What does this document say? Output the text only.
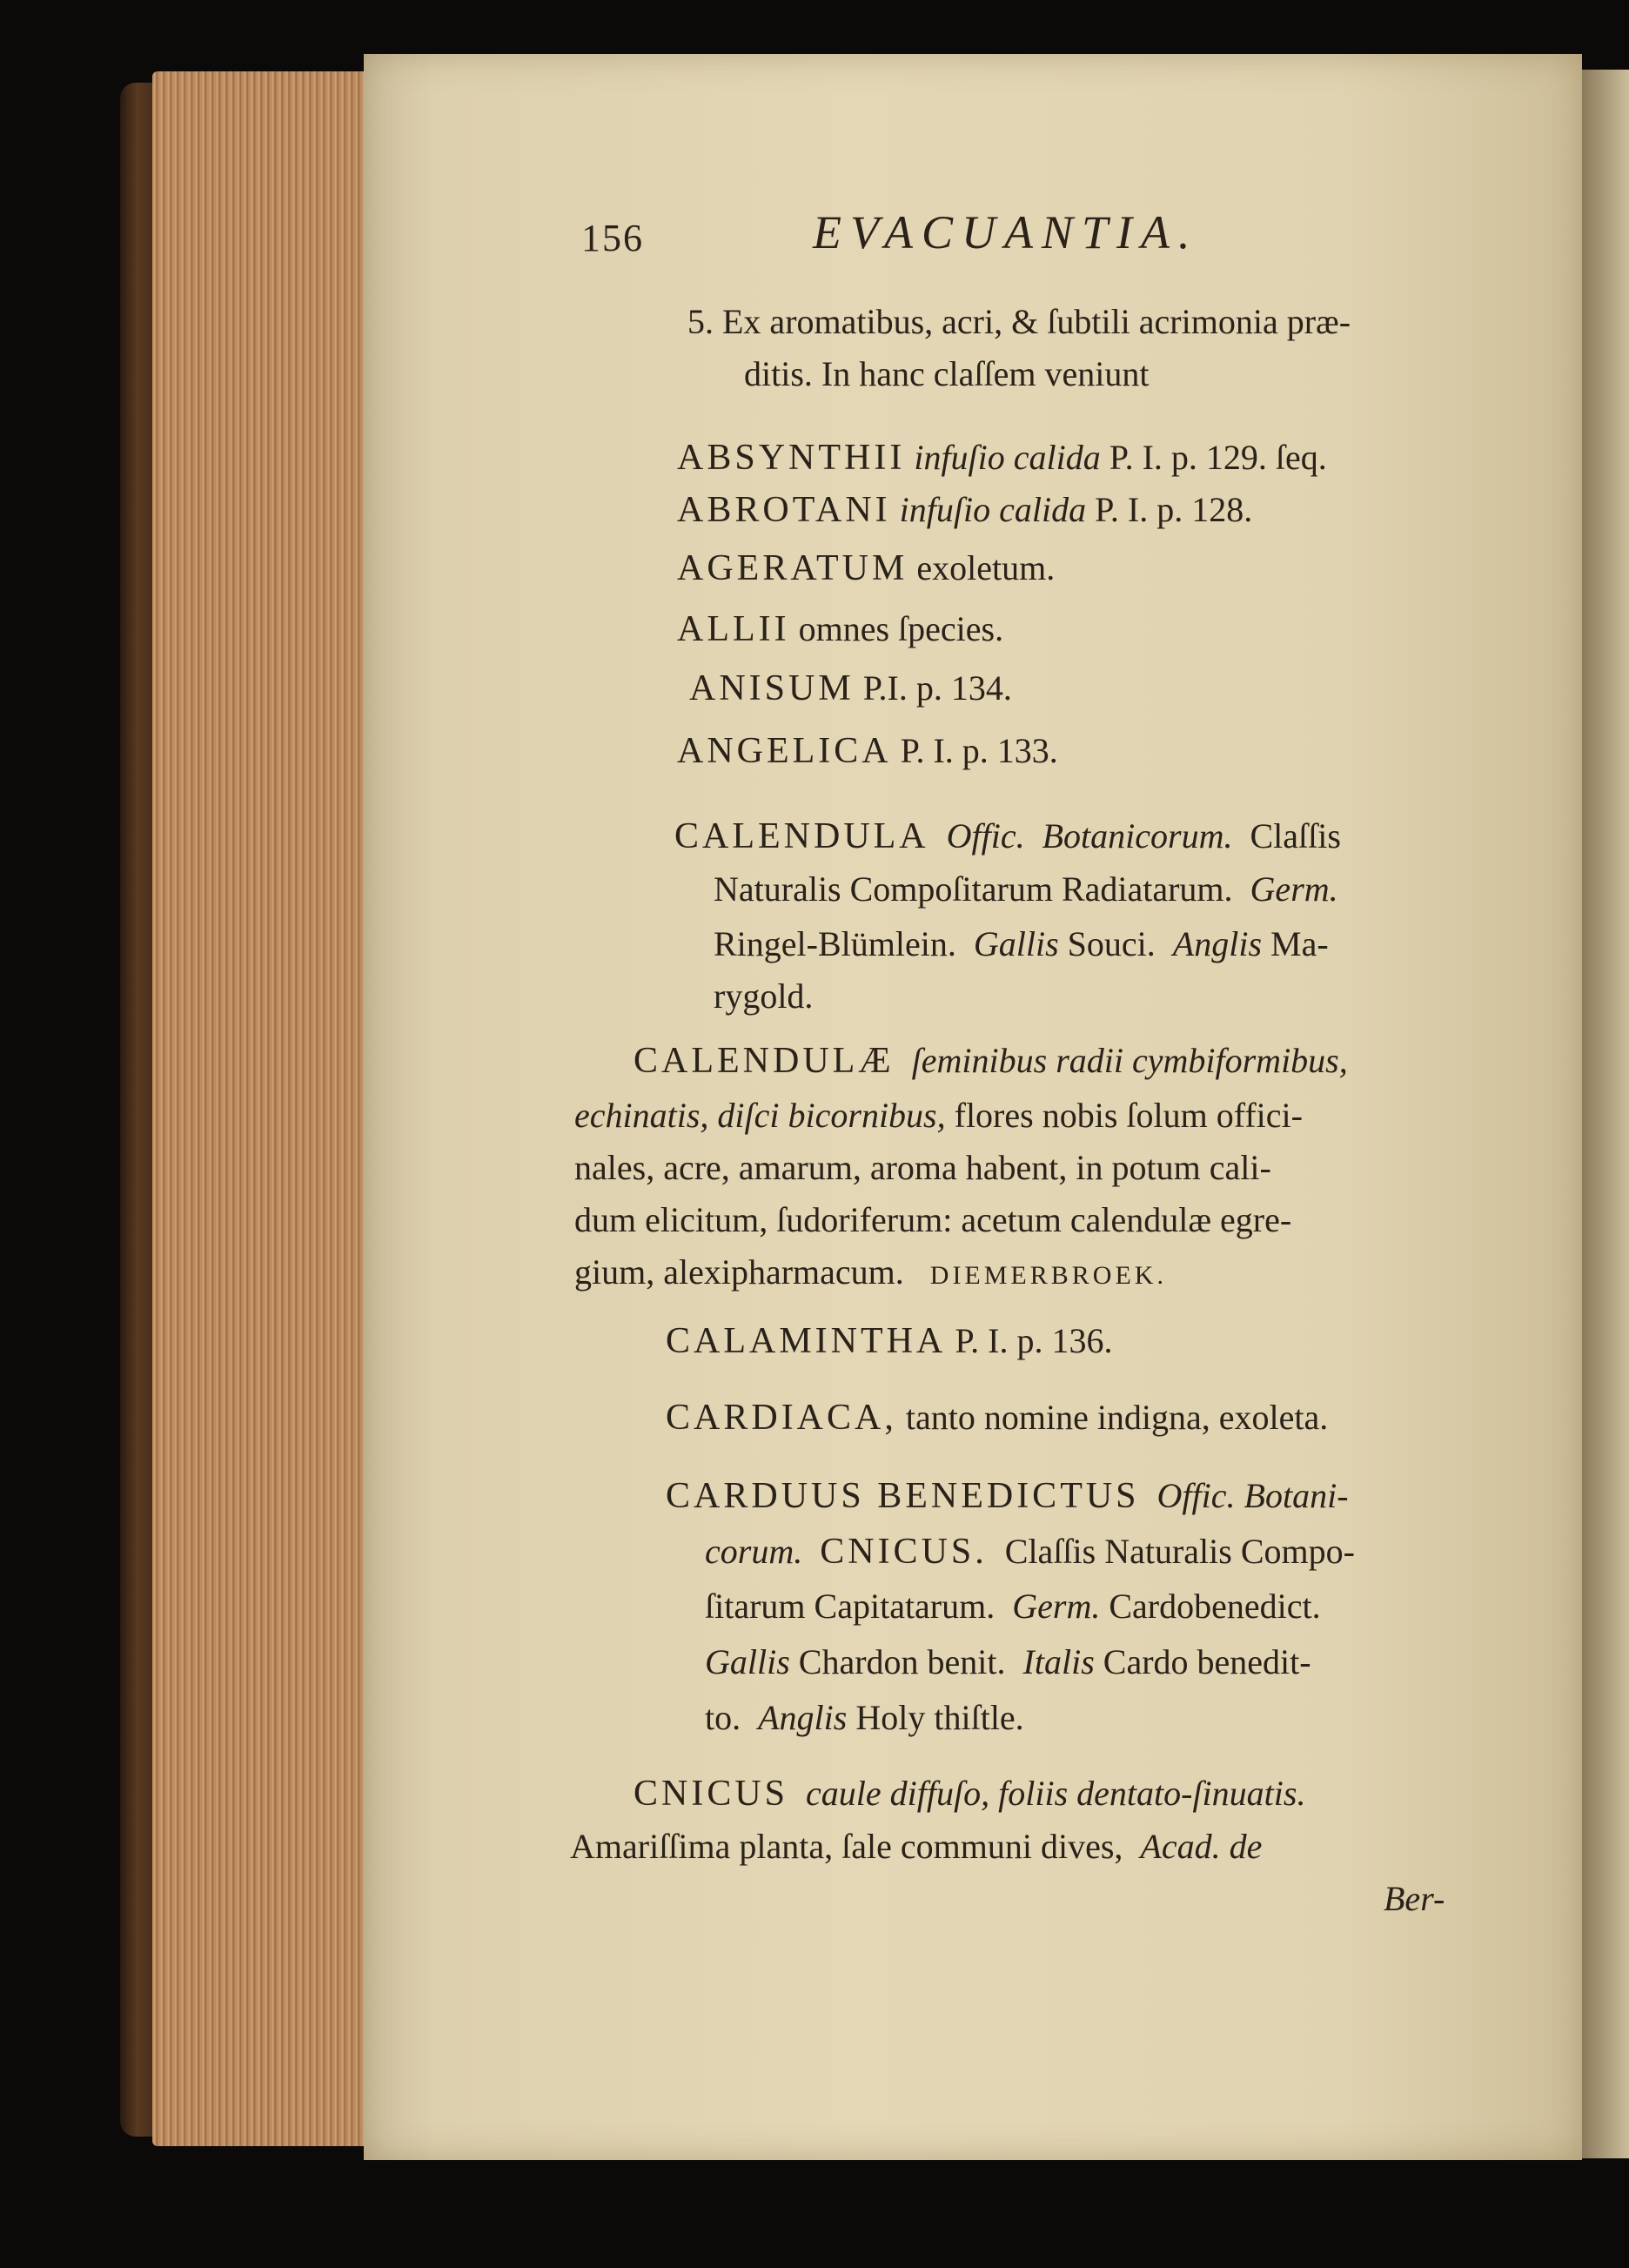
156	EVACUANTIA.
5. Ex aromatibus, acri, & ſubtili acrimonia præ-
ditis. In hanc claſſem veniunt
ABSYNTHII infuſio calida P. I. p. 129. ſeq.
ABROTANI infuſio calida P. I. p. 128.
AGERATUM exoletum.
ALLII omnes ſpecies.
ANISUM P.I. p. 134.
ANGELICA P. I. p. 133.
CALENDULA Offic. Botanicorum. Claſſis
Naturalis Compoſitarum Radiatarum. Germ.
Ringel-Blümlein. Gallis Souci. Anglis Ma-
rygold.
CALENDULÆ ſeminibus radii cymbiformibus,
echinatis, diſci bicornibus, flores nobis ſolum offici-
nales, acre, amarum, aroma habent, in potum cali-
dum elicitum, ſudoriferum: acetum calendulæ egre-
gium, alexipharmacum. DIEMERBROEK.
CALAMINTHA P. I. p. 136.
CARDIACA, tanto nomine indigna, exoleta.
CARDUUS BENEDICTUS Offic. Botani-
corum. CNICUS. Claſſis Naturalis Compo-
ſitarum Capitatarum. Germ. Cardobenedict.
Gallis Chardon benit. Italis Cardo benedit-
to. Anglis Holy thiſtle.
CNICUS caule diffuſo, foliis dentato-ſinuatis.
Amariſſima planta, ſale communi dives, Acad. de
Ber-
